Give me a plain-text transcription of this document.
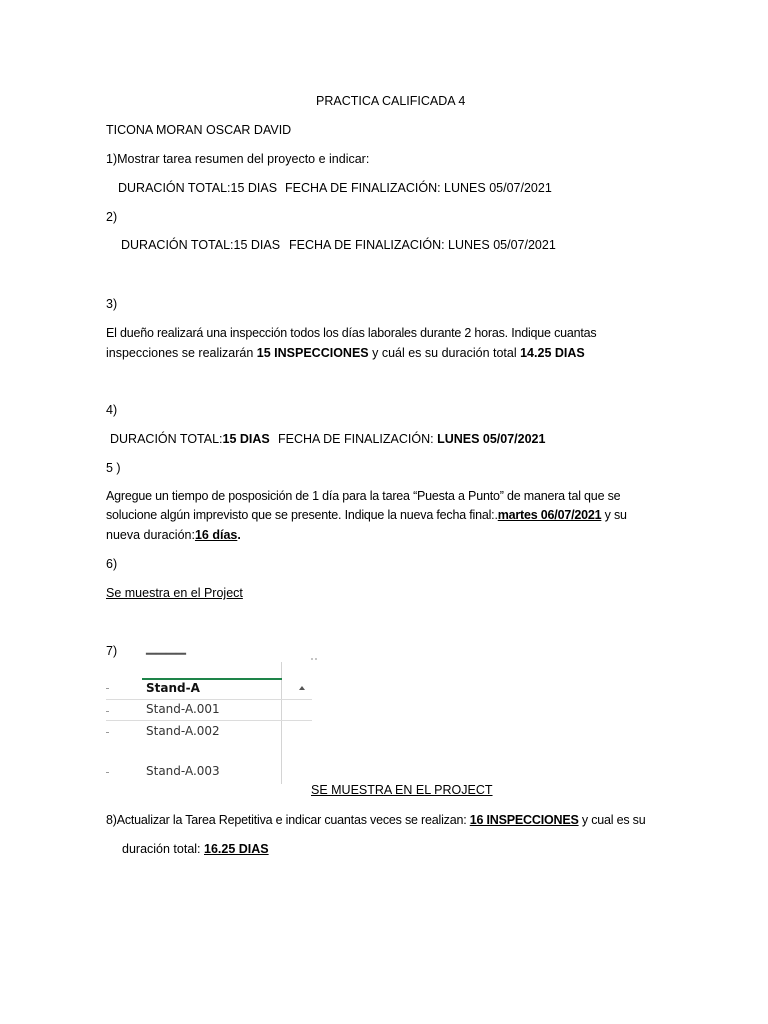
PRACTICA CALIFICADA 4
TICONA MORAN OSCAR DAVID
1)Mostrar tarea resumen del proyecto e indicar:
DURACIÓN TOTAL:15 DIAS FECHA DE FINALIZACIÓN: LUNES 05/07/2021
2)
DURACIÓN TOTAL:15 DIAS FECHA DE FINALIZACIÓN: LUNES 05/07/2021
3)
El dueño realizará una inspección todos los días laborales durante 2 horas. Indique cuantas
inspecciones se realizarán 15 INSPECCIONES y cuál es su duración total 14.25 DIAS
4)
DURACIÓN TOTAL:15 DIAS FECHA DE FINALIZACIÓN: LUNES 05/07/2021
5 )
Agregue un tiempo de posposición de 1 día para la tarea “Puesta a Punto” de manera tal que se
solucione algún imprevisto que se presente. Indique la nueva fecha final:.martes 06/07/2021 y su
nueva duración:16 días.
6)
Se muestra en el Project
7)
▔▔▔▔	ˈˈ
Stand-A
Stand-A.001
Stand-A.002
Stand-A.003
SE MUESTRA EN EL PROJECT
8)Actualizar la Tarea Repetitiva e indicar cuantas veces se realizan: 16 INSPECCIONES y cual es su
duración total: 16.25 DIAS
